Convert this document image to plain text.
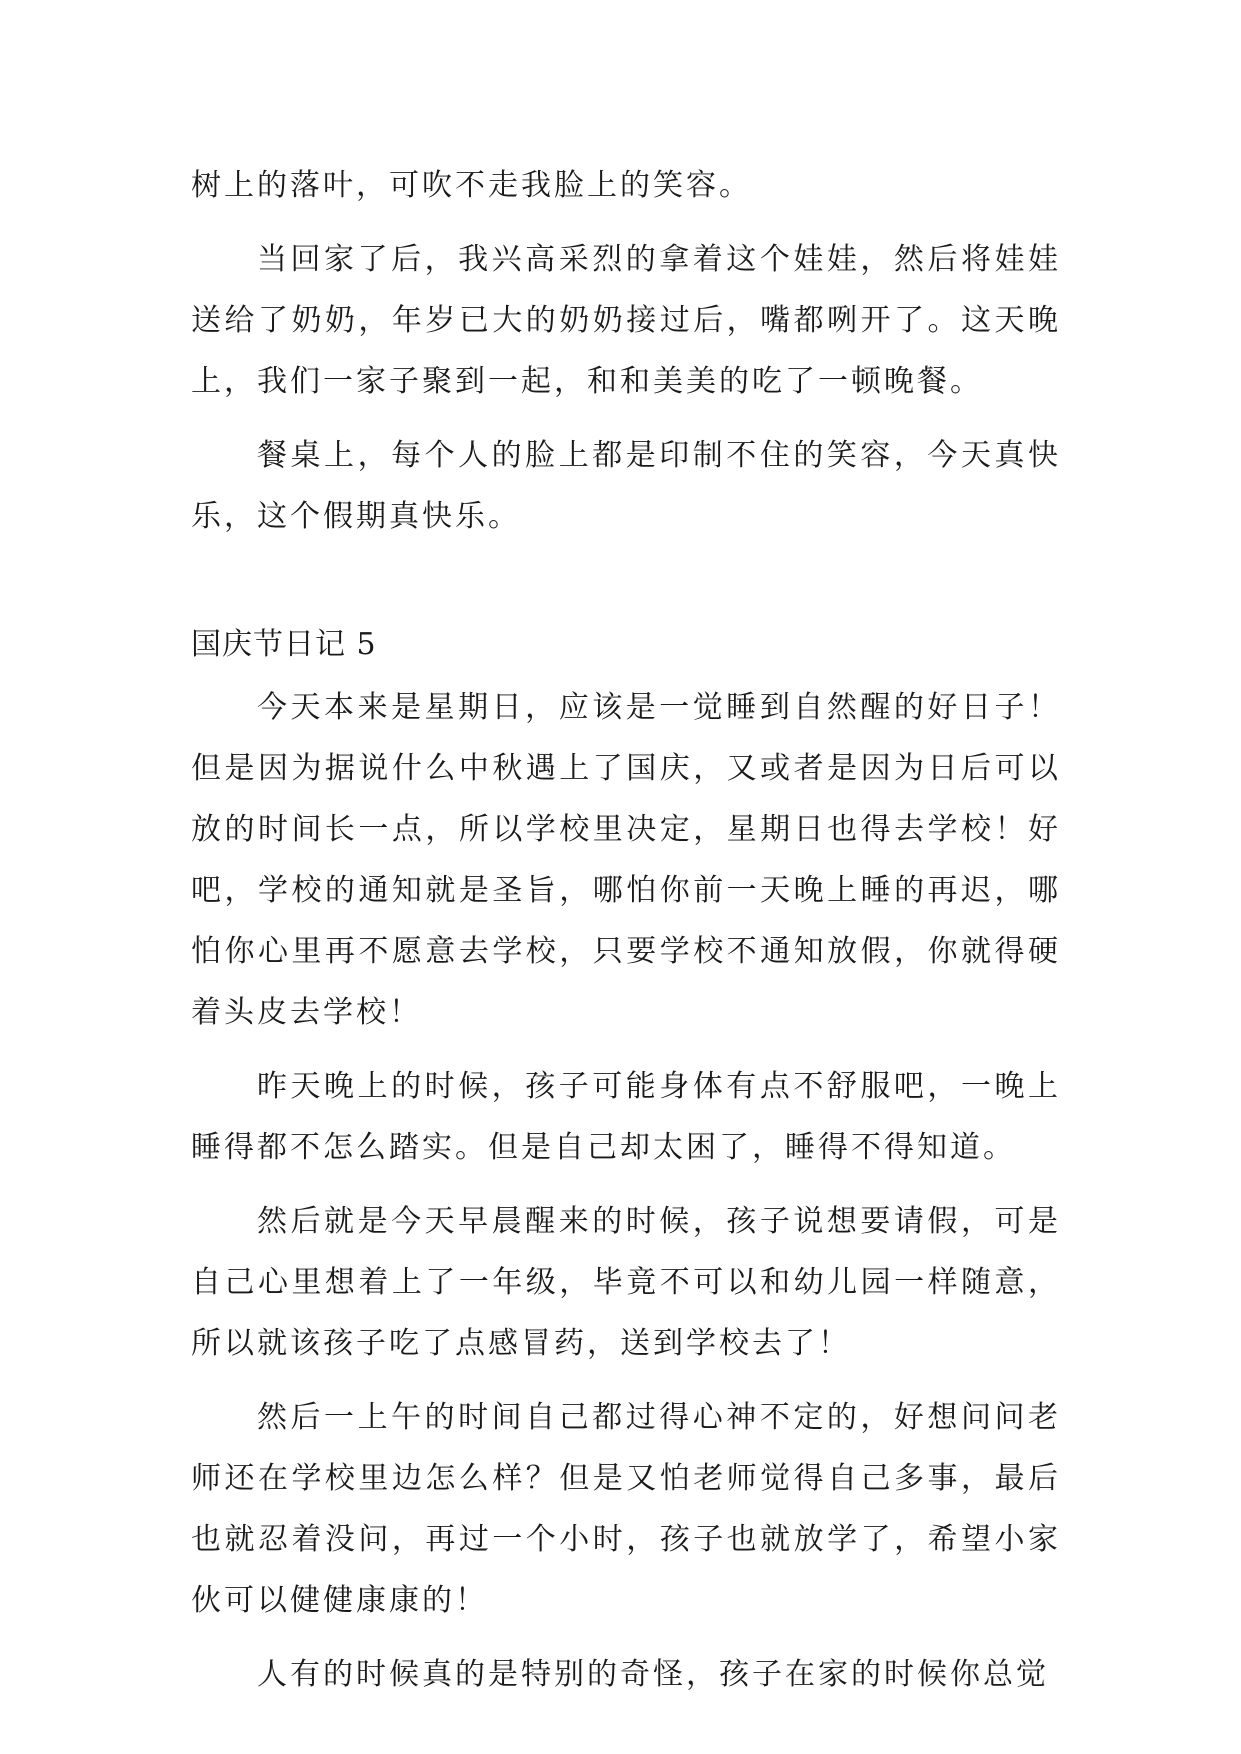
树上的落叶，可吹不走我脸上的笑容。

当回家了后，我兴高采烈的拿着这个娃娃，然后将娃娃送给了奶奶，年岁已大的奶奶接过后，嘴都咧开了。这天晚上，我们一家子聚到一起，和和美美的吃了一顿晚餐。

餐桌上，每个人的脸上都是印制不住的笑容，今天真快乐，这个假期真快乐。

国庆节日记 5

今天本来是星期日，应该是一觉睡到自然醒的好日子！但是因为据说什么中秋遇上了国庆，又或者是因为日后可以放的时间长一点，所以学校里决定，星期日也得去学校！好吧，学校的通知就是圣旨，哪怕你前一天晚上睡的再迟，哪怕你心里再不愿意去学校，只要学校不通知放假，你就得硬着头皮去学校！

昨天晚上的时候，孩子可能身体有点不舒服吧，一晚上睡得都不怎么踏实。但是自己却太困了，睡得不得知道。

然后就是今天早晨醒来的时候，孩子说想要请假，可是自己心里想着上了一年级，毕竟不可以和幼儿园一样随意，所以就该孩子吃了点感冒药，送到学校去了！

然后一上午的时间自己都过得心神不定的，好想问问老师还在学校里边怎么样？但是又怕老师觉得自己多事，最后也就忍着没问，再过一个小时，孩子也就放学了，希望小家伙可以健健康康的！

人有的时候真的是特别的奇怪，孩子在家的时候你总觉
